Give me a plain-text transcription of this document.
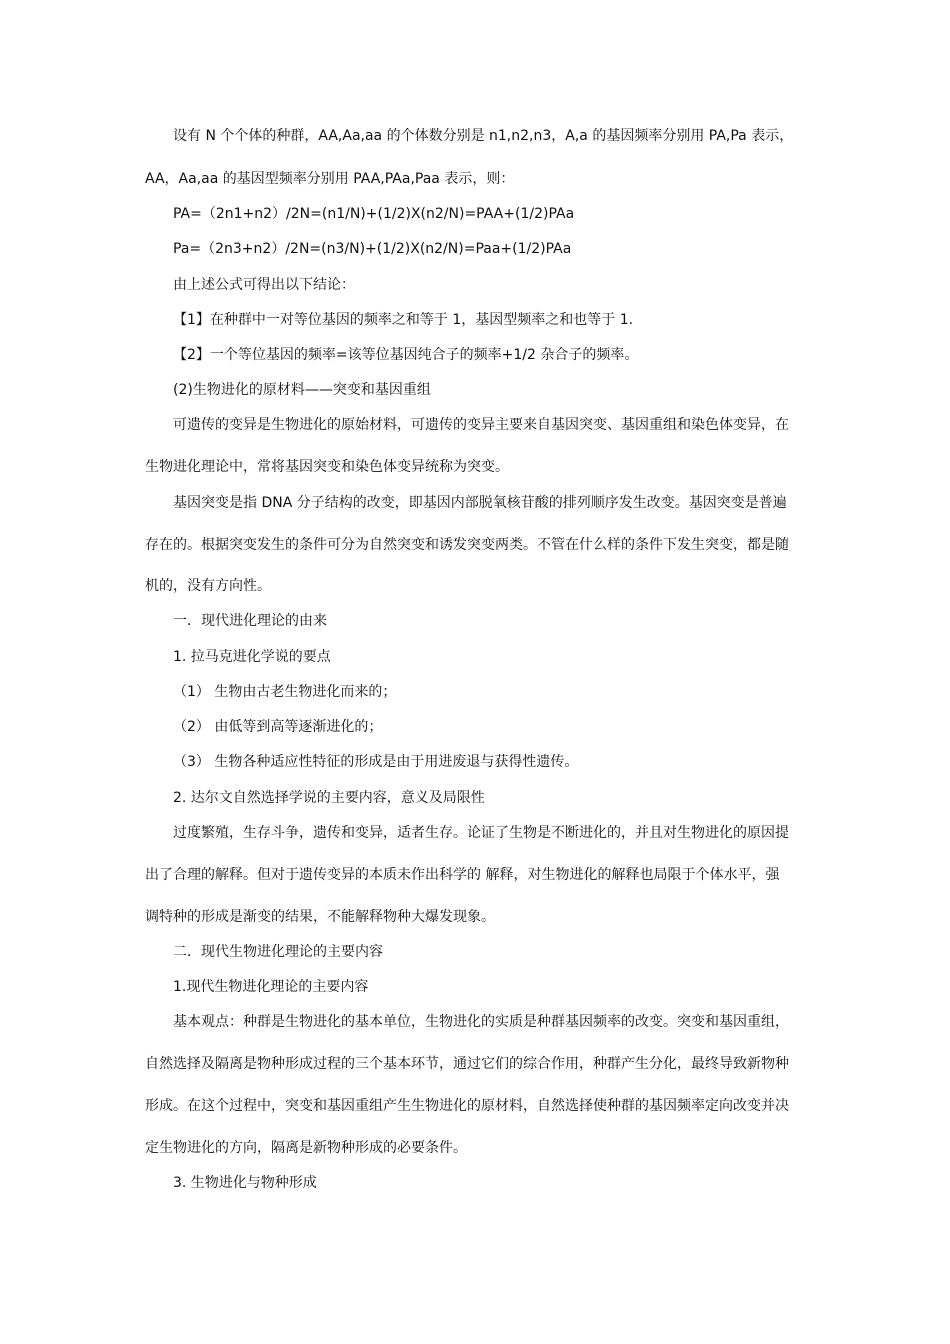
设有 N 个个体的种群，AA,Aa,aa 的个体数分别是 n1,n2,n3，A,a 的基因频率分别用 PA,Pa 表示，
AA，Aa,aa 的基因型频率分别用 PAA,PAa,Paa 表示，则：
PA=（2n1+n2）/2N=(n1/N)+(1/2)X(n2/N)=PAA+(1/2)PAa
Pa=（2n3+n2）/2N=(n3/N)+(1/2)X(n2/N)=Paa+(1/2)PAa
由上述公式可得出以下结论：
【1】在种群中一对等位基因的频率之和等于 1，基因型频率之和也等于 1.
【2】一个等位基因的频率=该等位基因纯合子的频率+1/2 杂合子的频率。
(2)生物进化的原材料——突变和基因重组
可遗传的变异是生物进化的原始材料，可遗传的变异主要来自基因突变、基因重组和染色体变异，在
生物进化理论中，常将基因突变和染色体变异统称为突变。
基因突变是指 DNA 分子结构的改变，即基因内部脱氧核苷酸的排列顺序发生改变。基因突变是普遍
存在的。根据突变发生的条件可分为自然突变和诱发突变两类。不管在什么样的条件下发生突变，都是随
机的，没有方向性。
一．现代进化理论的由来
1. 拉马克进化学说的要点
（1） 生物由古老生物进化而来的；
（2） 由低等到高等逐渐进化的；
（3） 生物各种适应性特征的形成是由于用进废退与获得性遗传。
2. 达尔文自然选择学说的主要内容，意义及局限性
过度繁殖，生存斗争，遗传和变异，适者生存。论证了生物是不断进化的，并且对生物进化的原因提
出了合理的解释。但对于遗传变异的本质未作出科学的 解释，对生物进化的解释也局限于个体水平，强
调特种的形成是渐变的结果，不能解释物种大爆发现象。
二．现代生物进化理论的主要内容
1.现代生物进化理论的主要内容
基本观点：种群是生物进化的基本单位，生物进化的实质是种群基因频率的改变。突变和基因重组，
自然选择及隔离是物种形成过程的三个基本环节，通过它们的综合作用，种群产生分化，最终导致新物种
形成。在这个过程中，突变和基因重组产生生物进化的原材料，自然选择使种群的基因频率定向改变并决
定生物进化的方向，隔离是新物种形成的必要条件。
3. 生物进化与物种形成
